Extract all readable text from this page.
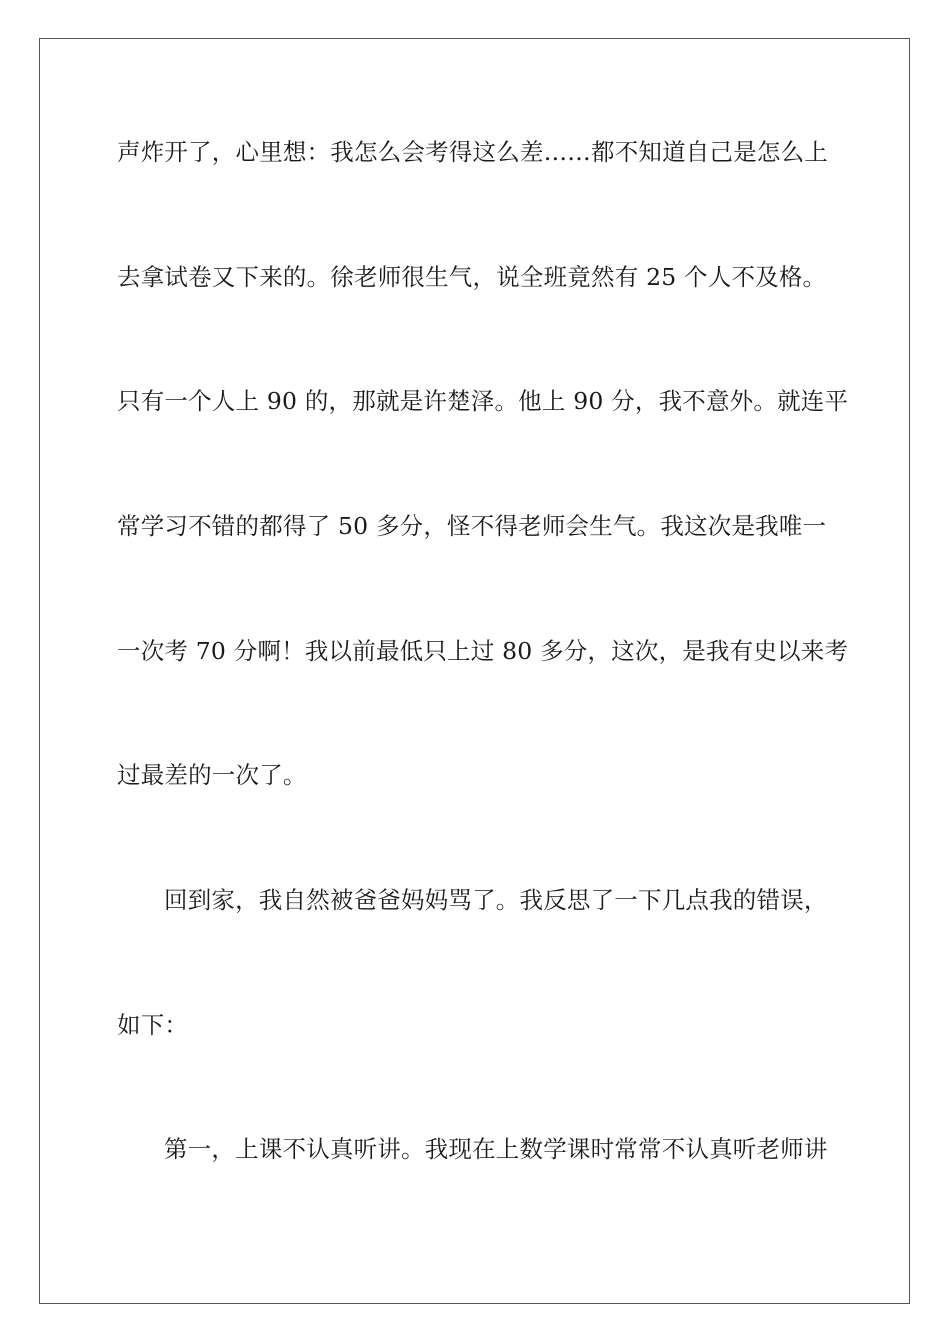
声炸开了，心里想：我怎么会考得这么差……都不知道自己是怎么上
去拿试卷又下来的。徐老师很生气，说全班竟然有 25 个人不及格。
只有一个人上 90 的，那就是许楚泽。他上 90 分，我不意外。就连平
常学习不错的都得了 50 多分，怪不得老师会生气。我这次是我唯一
一次考 70 分啊！我以前最低只上过 80 多分，这次，是我有史以来考
过最差的一次了。
回到家，我自然被爸爸妈妈骂了。我反思了一下几点我的错误，
如下：
第一，上课不认真听讲。我现在上数学课时常常不认真听老师讲
